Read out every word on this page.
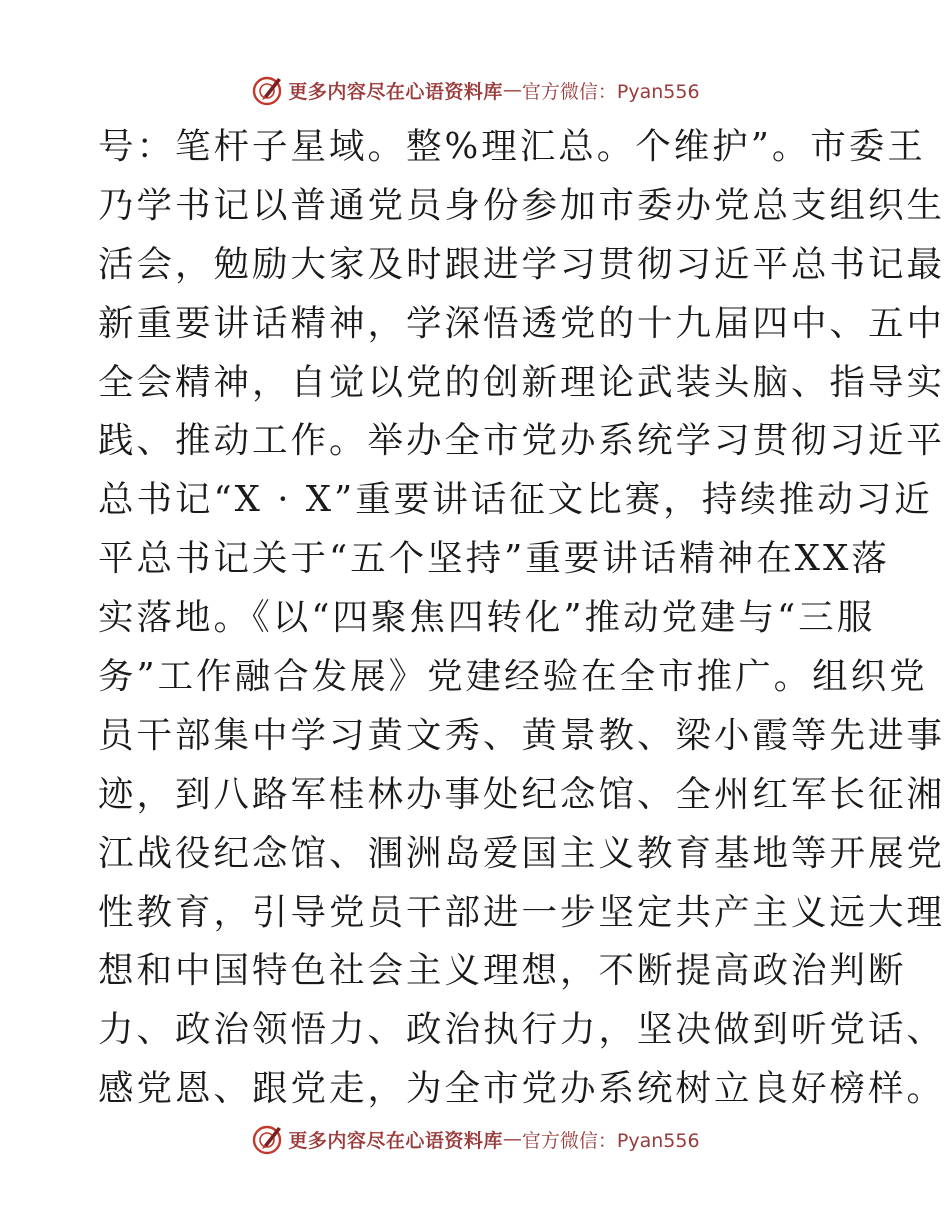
更多内容尽在心语资料库 — 官方微信：Pyan556
号：笔杆子星域。整%理汇总。个维护”。市委王
乃学书记以普通党员身份参加市委办党总支组织生
活会，勉励大家及时跟进学习贯彻习近平总书记最
新重要讲话精神，学深悟透党的十九届四中、五中
全会精神，自觉以党的创新理论武装头脑、指导实
践、推动工作。举办全市党办系统学习贯彻习近平
总书记“X · X”重要讲话征文比赛，持续推动习近
平总书记关于“五个坚持”重要讲话精神在XX落
实落地。《以“四聚焦四转化”推动党建与“三服
务”工作融合发展》党建经验在全市推广。组织党
员干部集中学习黄文秀、黄景教、梁小霞等先进事
迹，到八路军桂林办事处纪念馆、全州红军长征湘
江战役纪念馆、涠洲岛爱国主义教育基地等开展党
性教育，引导党员干部进一步坚定共产主义远大理
想和中国特色社会主义理想，不断提高政治判断
力、政治领悟力、政治执行力，坚决做到听党话、
感党恩、跟党走，为全市党办系统树立良好榜样。
更多内容尽在心语资料库 — 官方微信：Pyan556
